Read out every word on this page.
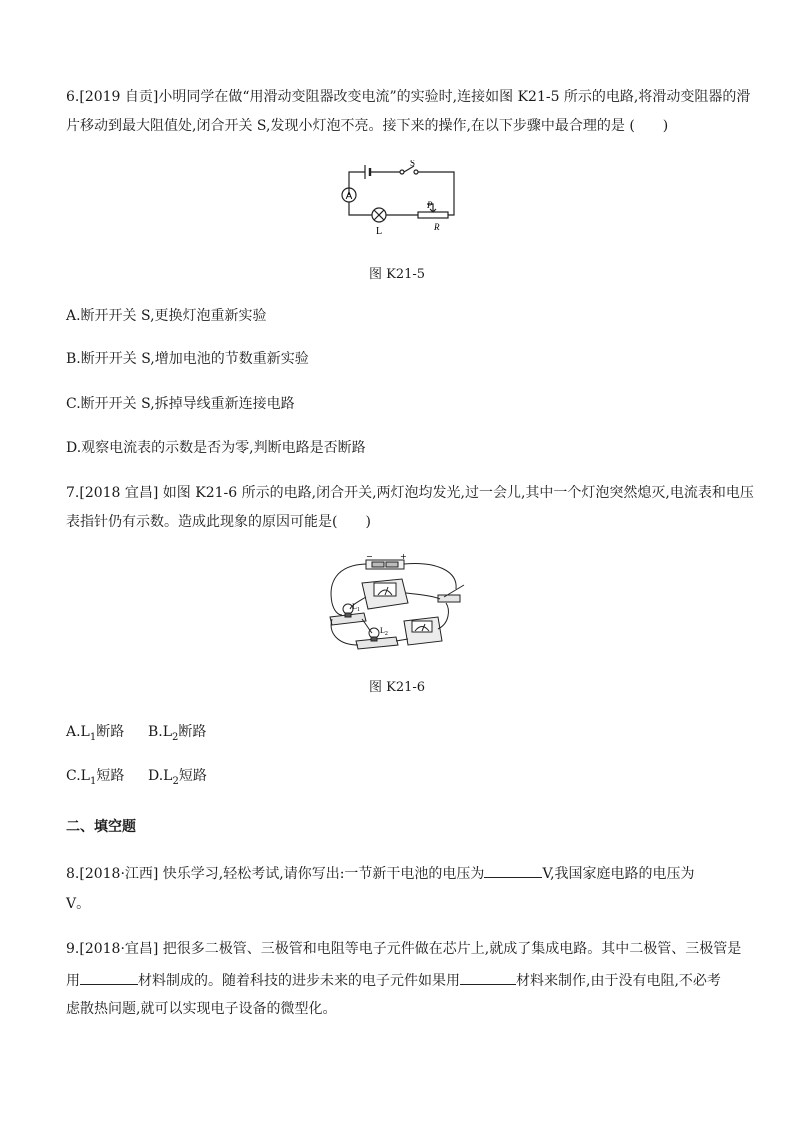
6.[2019 自贡]小明同学在做“用滑动变阻器改变电流”的实验时,连接如图 K21-5 所示的电路,将滑动变阻器的滑
片移动到最大阻值处,闭合开关 S,发现小灯泡不亮。接下来的操作,在以下步骤中最合理的是 (　　)
A
S
L
P
R
图 K21-5
A.断开开关 S,更换灯泡重新实验
B.断开开关 S,增加电池的节数重新实验
C.断开开关 S,拆掉导线重新连接电路
D.观察电流表的示数是否为零,判断电路是否断路
7.[2018 宜昌] 如图 K21-6 所示的电路,闭合开关,两灯泡均发光,过一会儿,其中一个灯泡突然熄灭,电流表和电压
表指针仍有示数。造成此现象的原因可能是(　　)
−	+
$L_1$
$L_2$
图 K21-6
$A.L_1$断路 $B.L_2$断路
$C.L_1$短路 $D.L_2$短路
二、填空题
8.[2018·江西] 快乐学习,轻松考试,请你写出:一节新干电池的电压为	V,我国家庭电路的电压为
V。
9.[2018·宜昌] 把很多二极管、三极管和电阻等电子元件做在芯片上,就成了集成电路。其中二极管、三极管是
用	材料制成的。随着科技的进步未来的电子元件如果用	材料来制作,由于没有电阻,不必考
虑散热问题,就可以实现电子设备的微型化。
